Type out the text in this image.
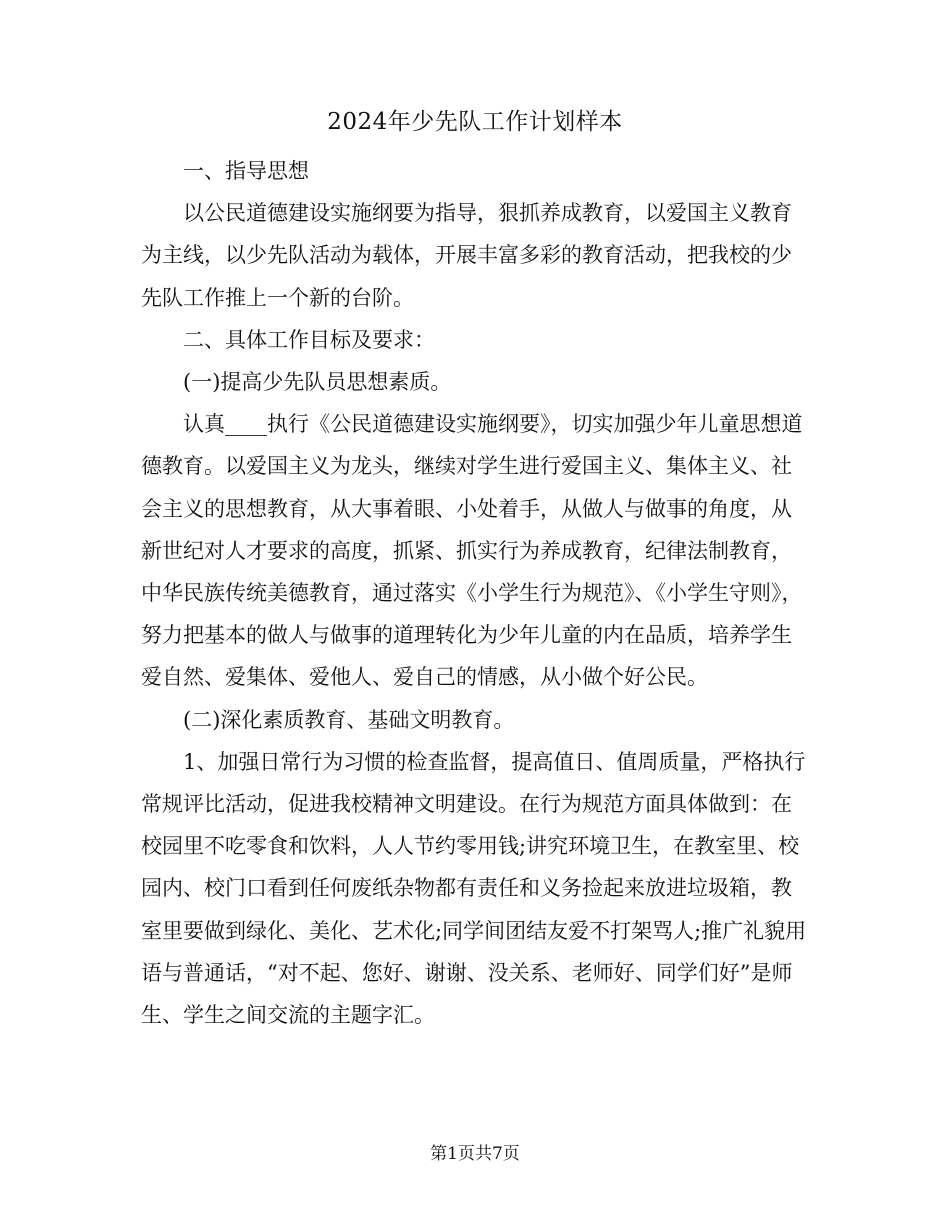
2024年少先队工作计划样本

一、指导思想

以公民道德建设实施纲要为指导，狠抓养成教育，以爱国主义教育为主线，以少先队活动为载体，开展丰富多彩的教育活动，把我校的少先队工作推上一个新的台阶。

二、具体工作目标及要求：

(一)提高少先队员思想素质。

认真____执行《公民道德建设实施纲要》，切实加强少年儿童思想道德教育。以爱国主义为龙头，继续对学生进行爱国主义、集体主义、社会主义的思想教育，从大事着眼、小处着手，从做人与做事的角度，从新世纪对人才要求的高度，抓紧、抓实行为养成教育，纪律法制教育，中华民族传统美德教育，通过落实《小学生行为规范》、《小学生守则》，努力把基本的做人与做事的道理转化为少年儿童的内在品质，培养学生爱自然、爱集体、爱他人、爱自己的情感，从小做个好公民。

(二)深化素质教育、基础文明教育。

1、加强日常行为习惯的检查监督，提高值日、值周质量，严格执行常规评比活动，促进我校精神文明建设。在行为规范方面具体做到：在校园里不吃零食和饮料，人人节约零用钱;讲究环境卫生，在教室里、校园内、校门口看到任何废纸杂物都有责任和义务捡起来放进垃圾箱，教室里要做到绿化、美化、艺术化;同学间团结友爱不打架骂人;推广礼貌用语与普通话，“对不起、您好、谢谢、没关系、老师好、同学们好”是师生、学生之间交流的主题字汇。

第1页共7页
